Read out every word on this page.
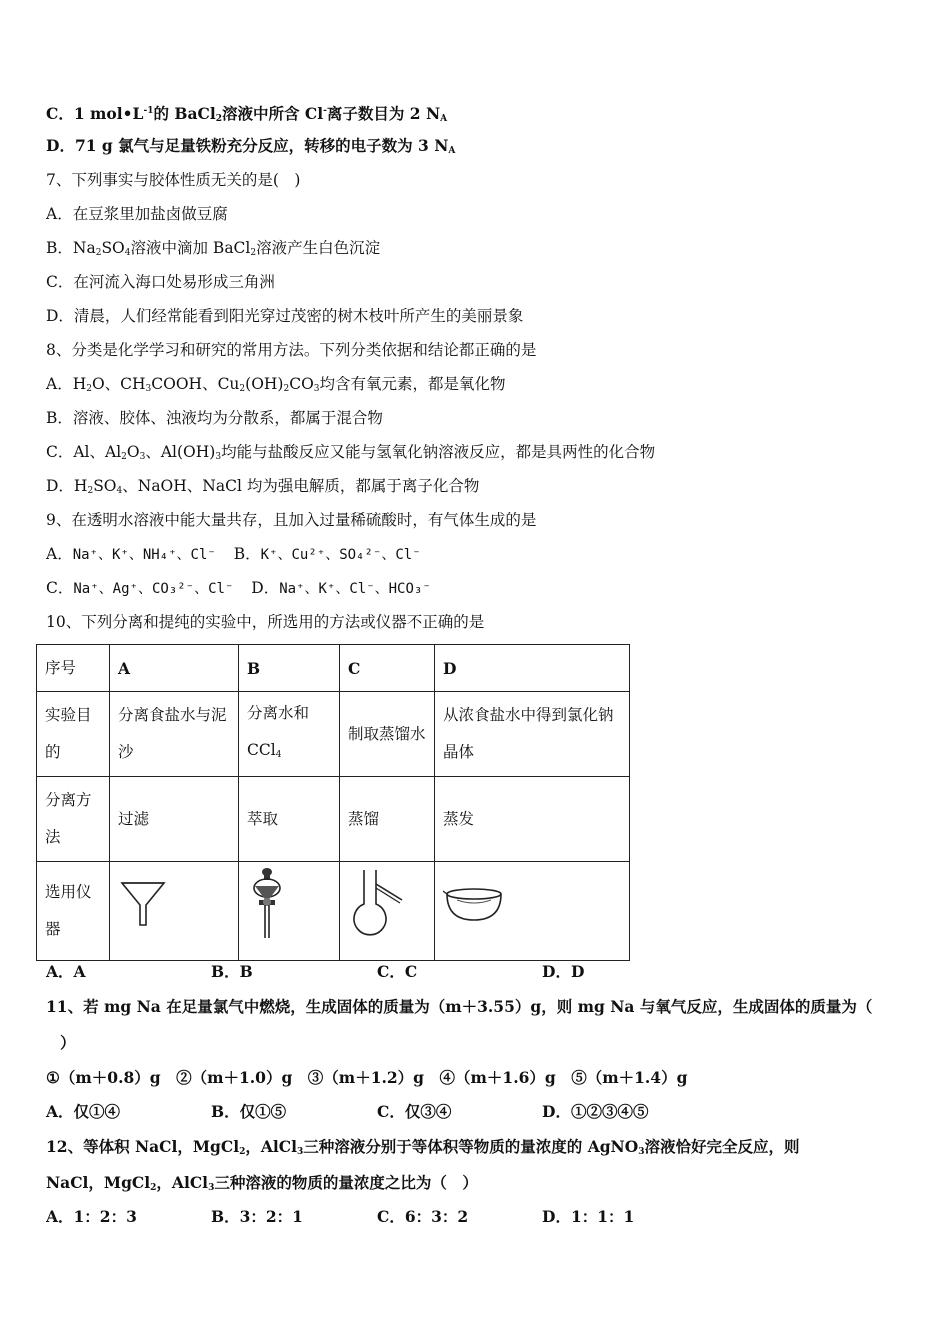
C．1 $mol•L^{-1}$的 BaCl$_2$溶液中所含 Cl-离子数目为 2 $N_A$
D．71 g 氯气与足量铁粉充分反应，转移的电子数为 3 $N_A$
7、下列事实与胶体性质无关的是(　)
A．在豆浆里加盐卤做豆腐
B．$Na_2SO_4$溶液中滴加 BaCl$_2$溶液产生白色沉淀
C．在河流入海口处易形成三角洲
D．清晨，人们经常能看到阳光穿过茂密的树木枝叶所产生的美丽景象
8、分类是化学学习和研究的常用方法。下列分类依据和结论都正确的是
A．$H_2O$、$CH_3COOH$、$Cu_2(OH)_2CO_3$均含有氧元素，都是氧化物
B．溶液、胶体、浊液均为分散系，都属于混合物
C．Al、$Al_2O_3$、$Al(OH)_3$均能与盐酸反应又能与氢氧化钠溶液反应，都是具两性的化合物
D．$H_2SO_4$、NaOH、NaCl 均为强电解质，都属于离子化合物
9、在透明水溶液中能大量共存，且加入过量稀硫酸时，有气体生成的是
A．Na⁺、K⁺、NH₄⁺、Cl⁻ B．K⁺、Cu²⁺、SO₄²⁻、Cl⁻
C．Na⁺、Ag⁺、CO₃²⁻、Cl⁻ D．Na⁺、K⁺、Cl⁻、HCO₃⁻
10、下列分离和提纯的实验中，所选用的方法或仪器不正确的是
序号	A	B	C	D
实验目的	分离食盐水与泥沙	分离水和 CCl$_4$	制取蒸馏水	从浓食盐水中得到氯化钠晶体
分离方法	过滤	萃取	蒸馏	蒸发
选用仪器				
A．A	B．B	C．C	D．D
11、若 mg Na 在足量氯气中燃烧，生成固体的质量为（m＋3.55）g，则 mg Na 与氧气反应，生成固体的质量为（
）
①（m＋0.8）g　②（m＋1.0）g　③（m＋1.2）g　④（m＋1.6）g　⑤（m＋1.4）g
A．仅①④	B．仅①⑤	C．仅③④	D．①②③④⑤
12、等体积 NaCl，MgCl$_2$，AlCl$_3$三种溶液分别于等体积等物质的量浓度的 AgNO$_3$溶液恰好完全反应，则
NaCl，MgCl$_2$，AlCl$_3$三种溶液的物质的量浓度之比为（　）
A．1：2：3	B．3：2：1	C．6：3：2	D．1：1：1
